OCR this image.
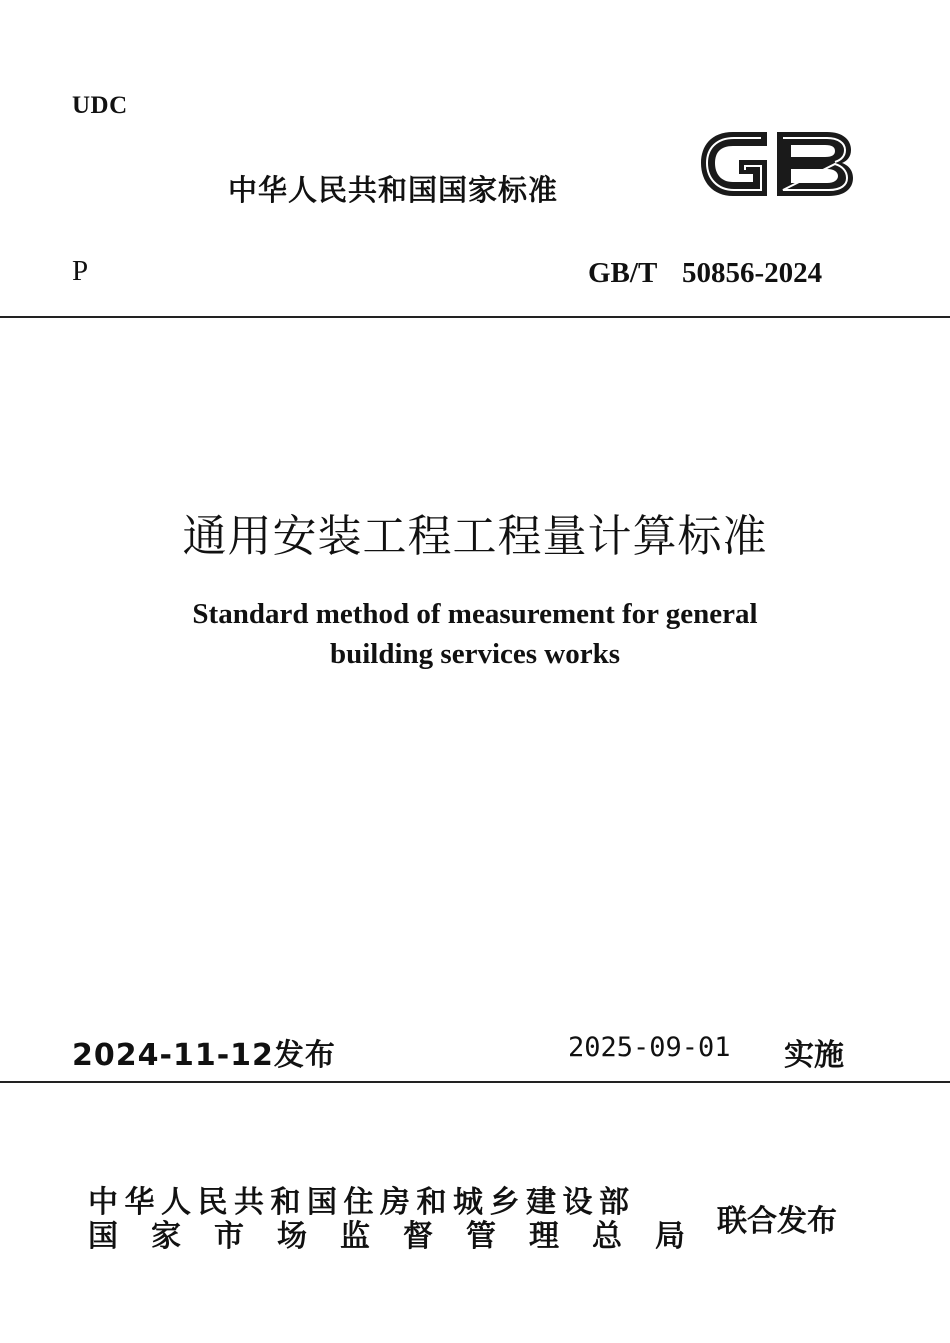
UDC
中华人民共和国国家标准
P	GB/T 50856-2024
通用安装工程工程量计算标准
Standard method of measurement for general
building services works
2024-11-12发布	2025-09-01 实施
中华人民共和国住房和城乡建设部
国家市场监督管理总局 联合发布
